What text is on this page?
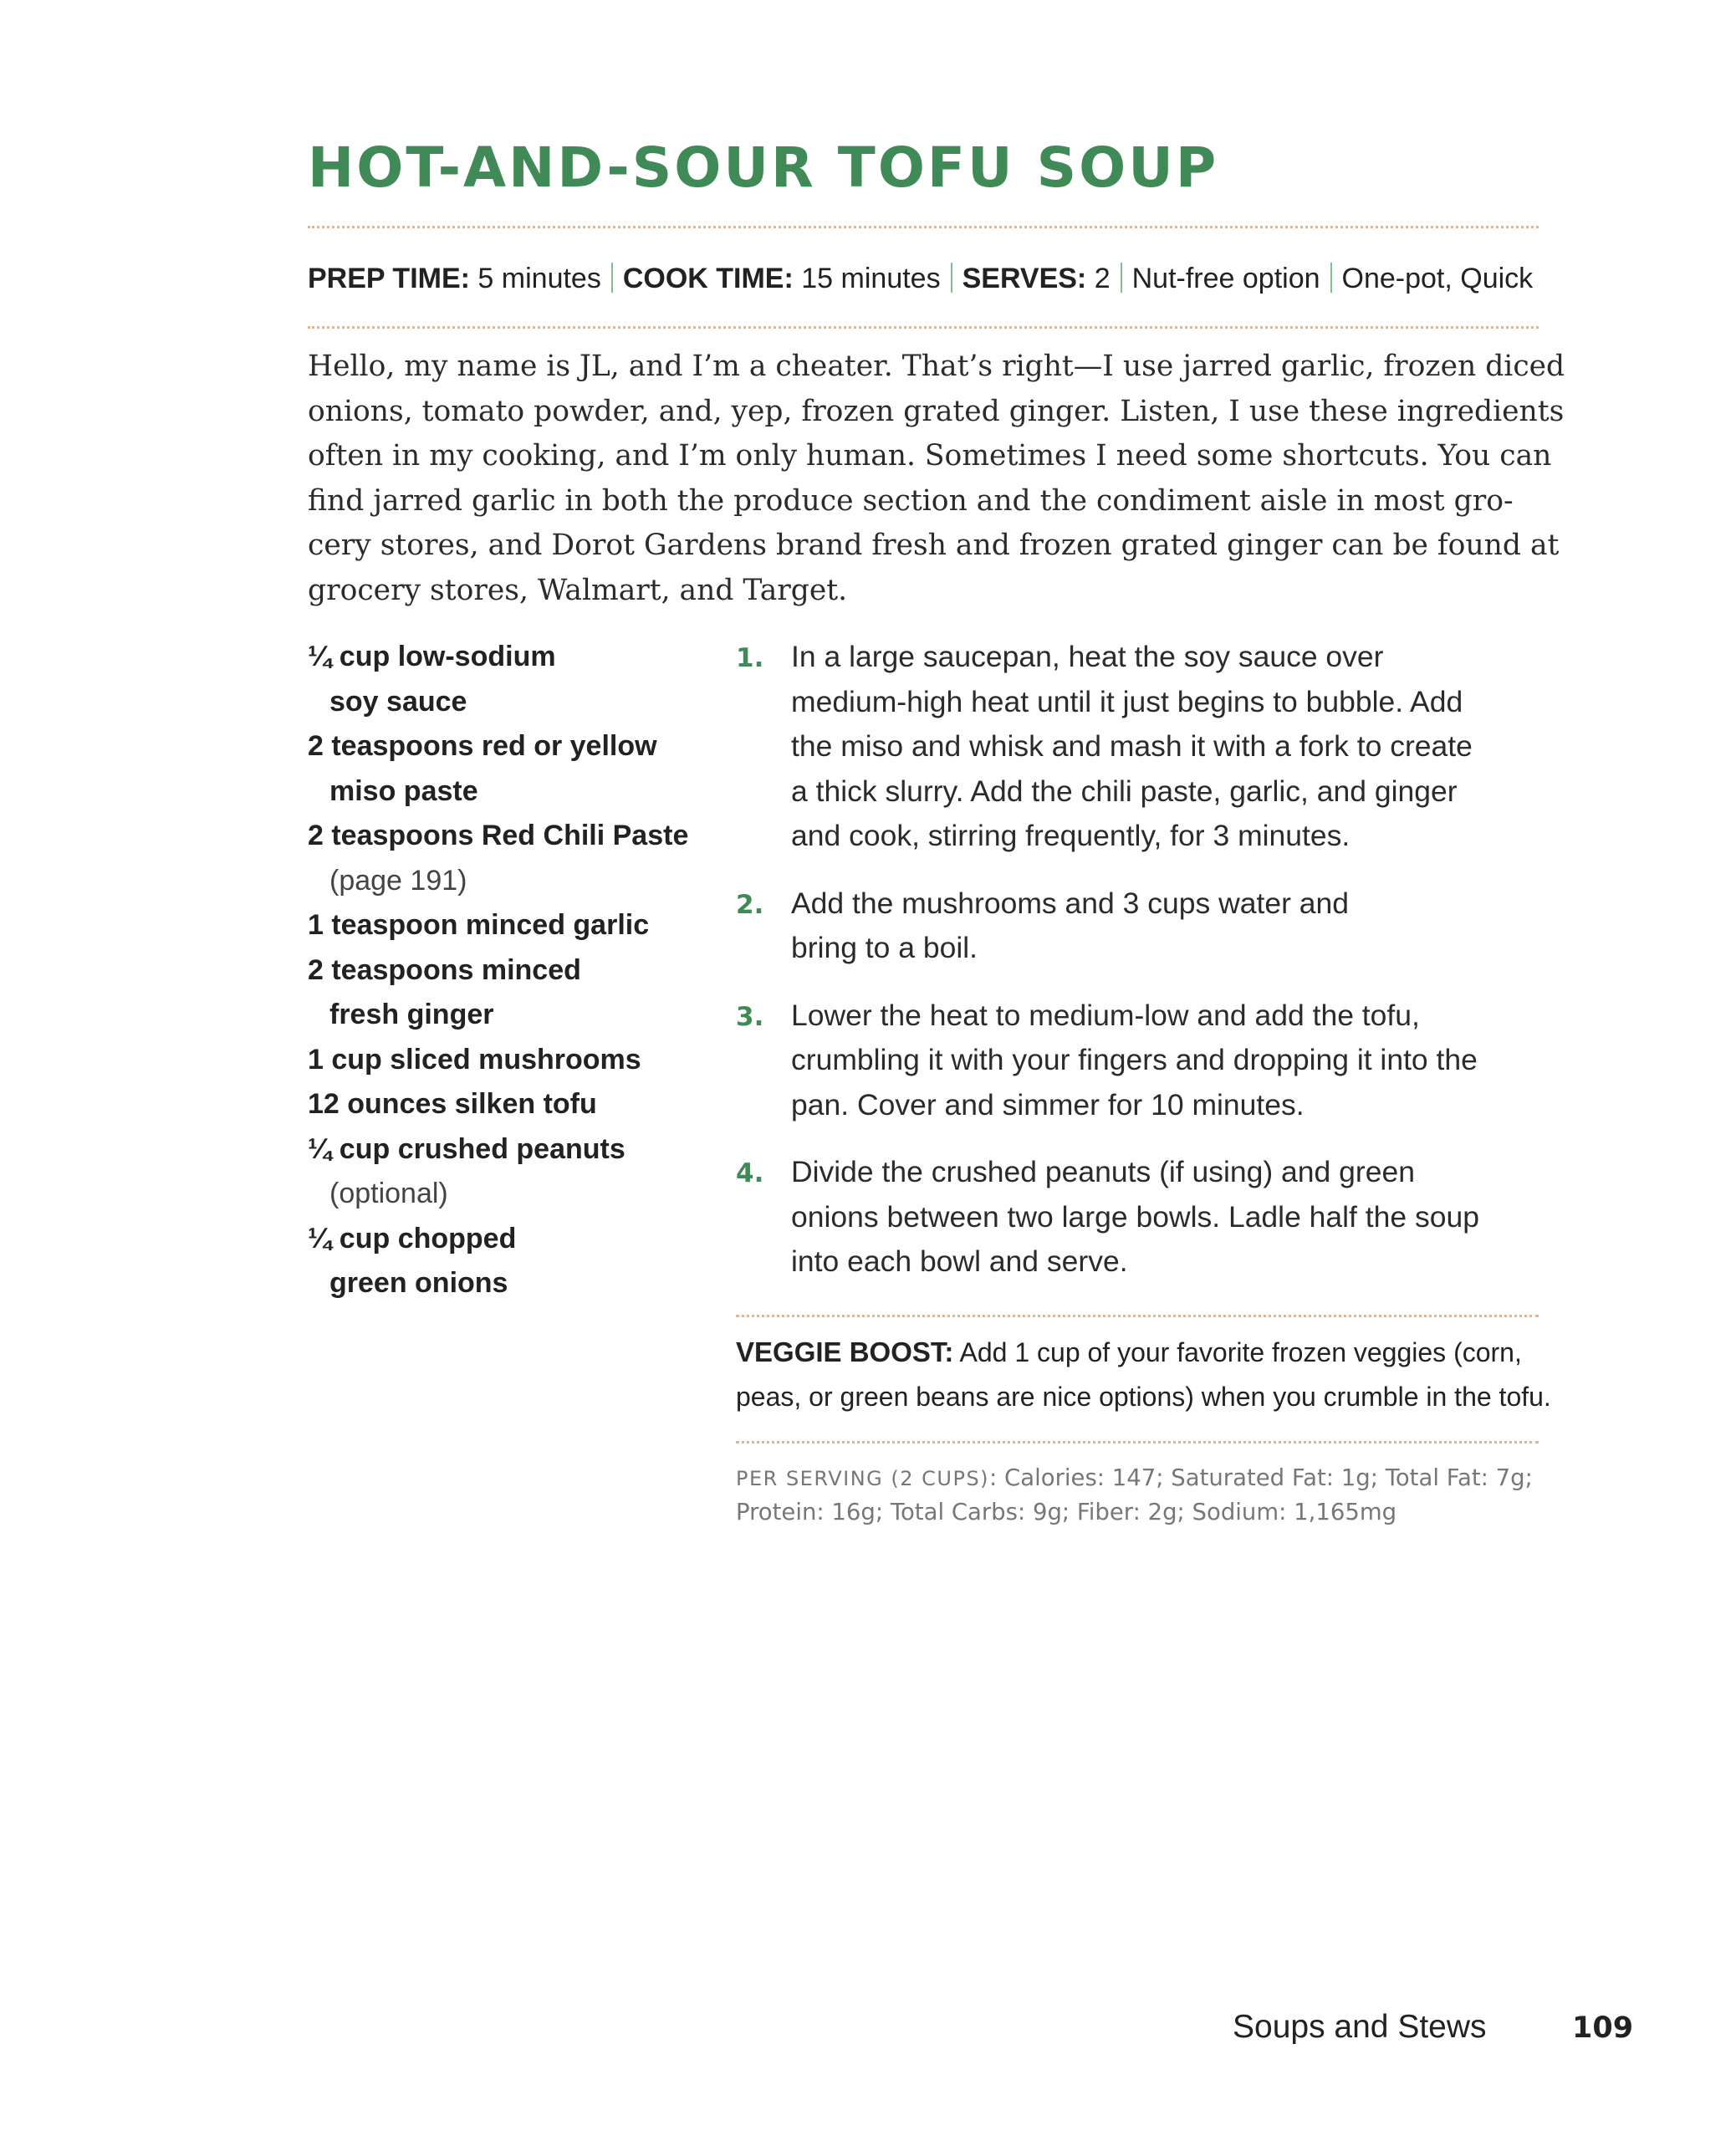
HOT-AND-SOUR TOFU SOUP
PREP TIME: 5 minutes COOK TIME: 15 minutes SERVES: 2 Nut-free option One-pot, Quick

Hello, my name is JL, and I’m a cheater. That’s right—I use jarred garlic, frozen diced
onions, tomato powder, and, yep, frozen grated ginger. Listen, I use these ingredients
often in my cooking, and I’m only human. Sometimes I need some shortcuts. You can
find jarred garlic in both the produce section and the condiment aisle in most gro-
cery stores, and Dorot Gardens brand fresh and frozen grated ginger can be found at
grocery stores, Walmart, and Target.

¼ cup low-sodium
soy sauce
2 teaspoons red or yellow
miso paste
2 teaspoons Red Chili Paste
(page 191)
1 teaspoon minced garlic
2 teaspoons minced
fresh ginger
1 cup sliced mushrooms
12 ounces silken tofu
¼ cup crushed peanuts
(optional)
¼ cup chopped
green onions
1. In a large saucepan, heat the soy sauce over
medium-high heat until it just begins to bubble. Add
the miso and whisk and mash it with a fork to create
a thick slurry. Add the chili paste, garlic, and ginger
and cook, stirring frequently, for 3 minutes.
2. Add the mushrooms and 3 cups water and
bring to a boil.
3. Lower the heat to medium-low and add the tofu,
crumbling it with your fingers and dropping it into the
pan. Cover and simmer for 10 minutes.
4. Divide the crushed peanuts (if using) and green
onions between two large bowls. Ladle half the soup
into each bowl and serve.
VEGGIE BOOST: Add 1 cup of your favorite frozen veggies (corn,
peas, or green beans are nice options) when you crumble in the tofu.
PER SERVING (2 CUPS): Calories: 147; Saturated Fat: 1g; Total Fat: 7g;
Protein: 16g; Total Carbs: 9g; Fiber: 2g; Sodium: 1,165mg
Soups and Stews	109
